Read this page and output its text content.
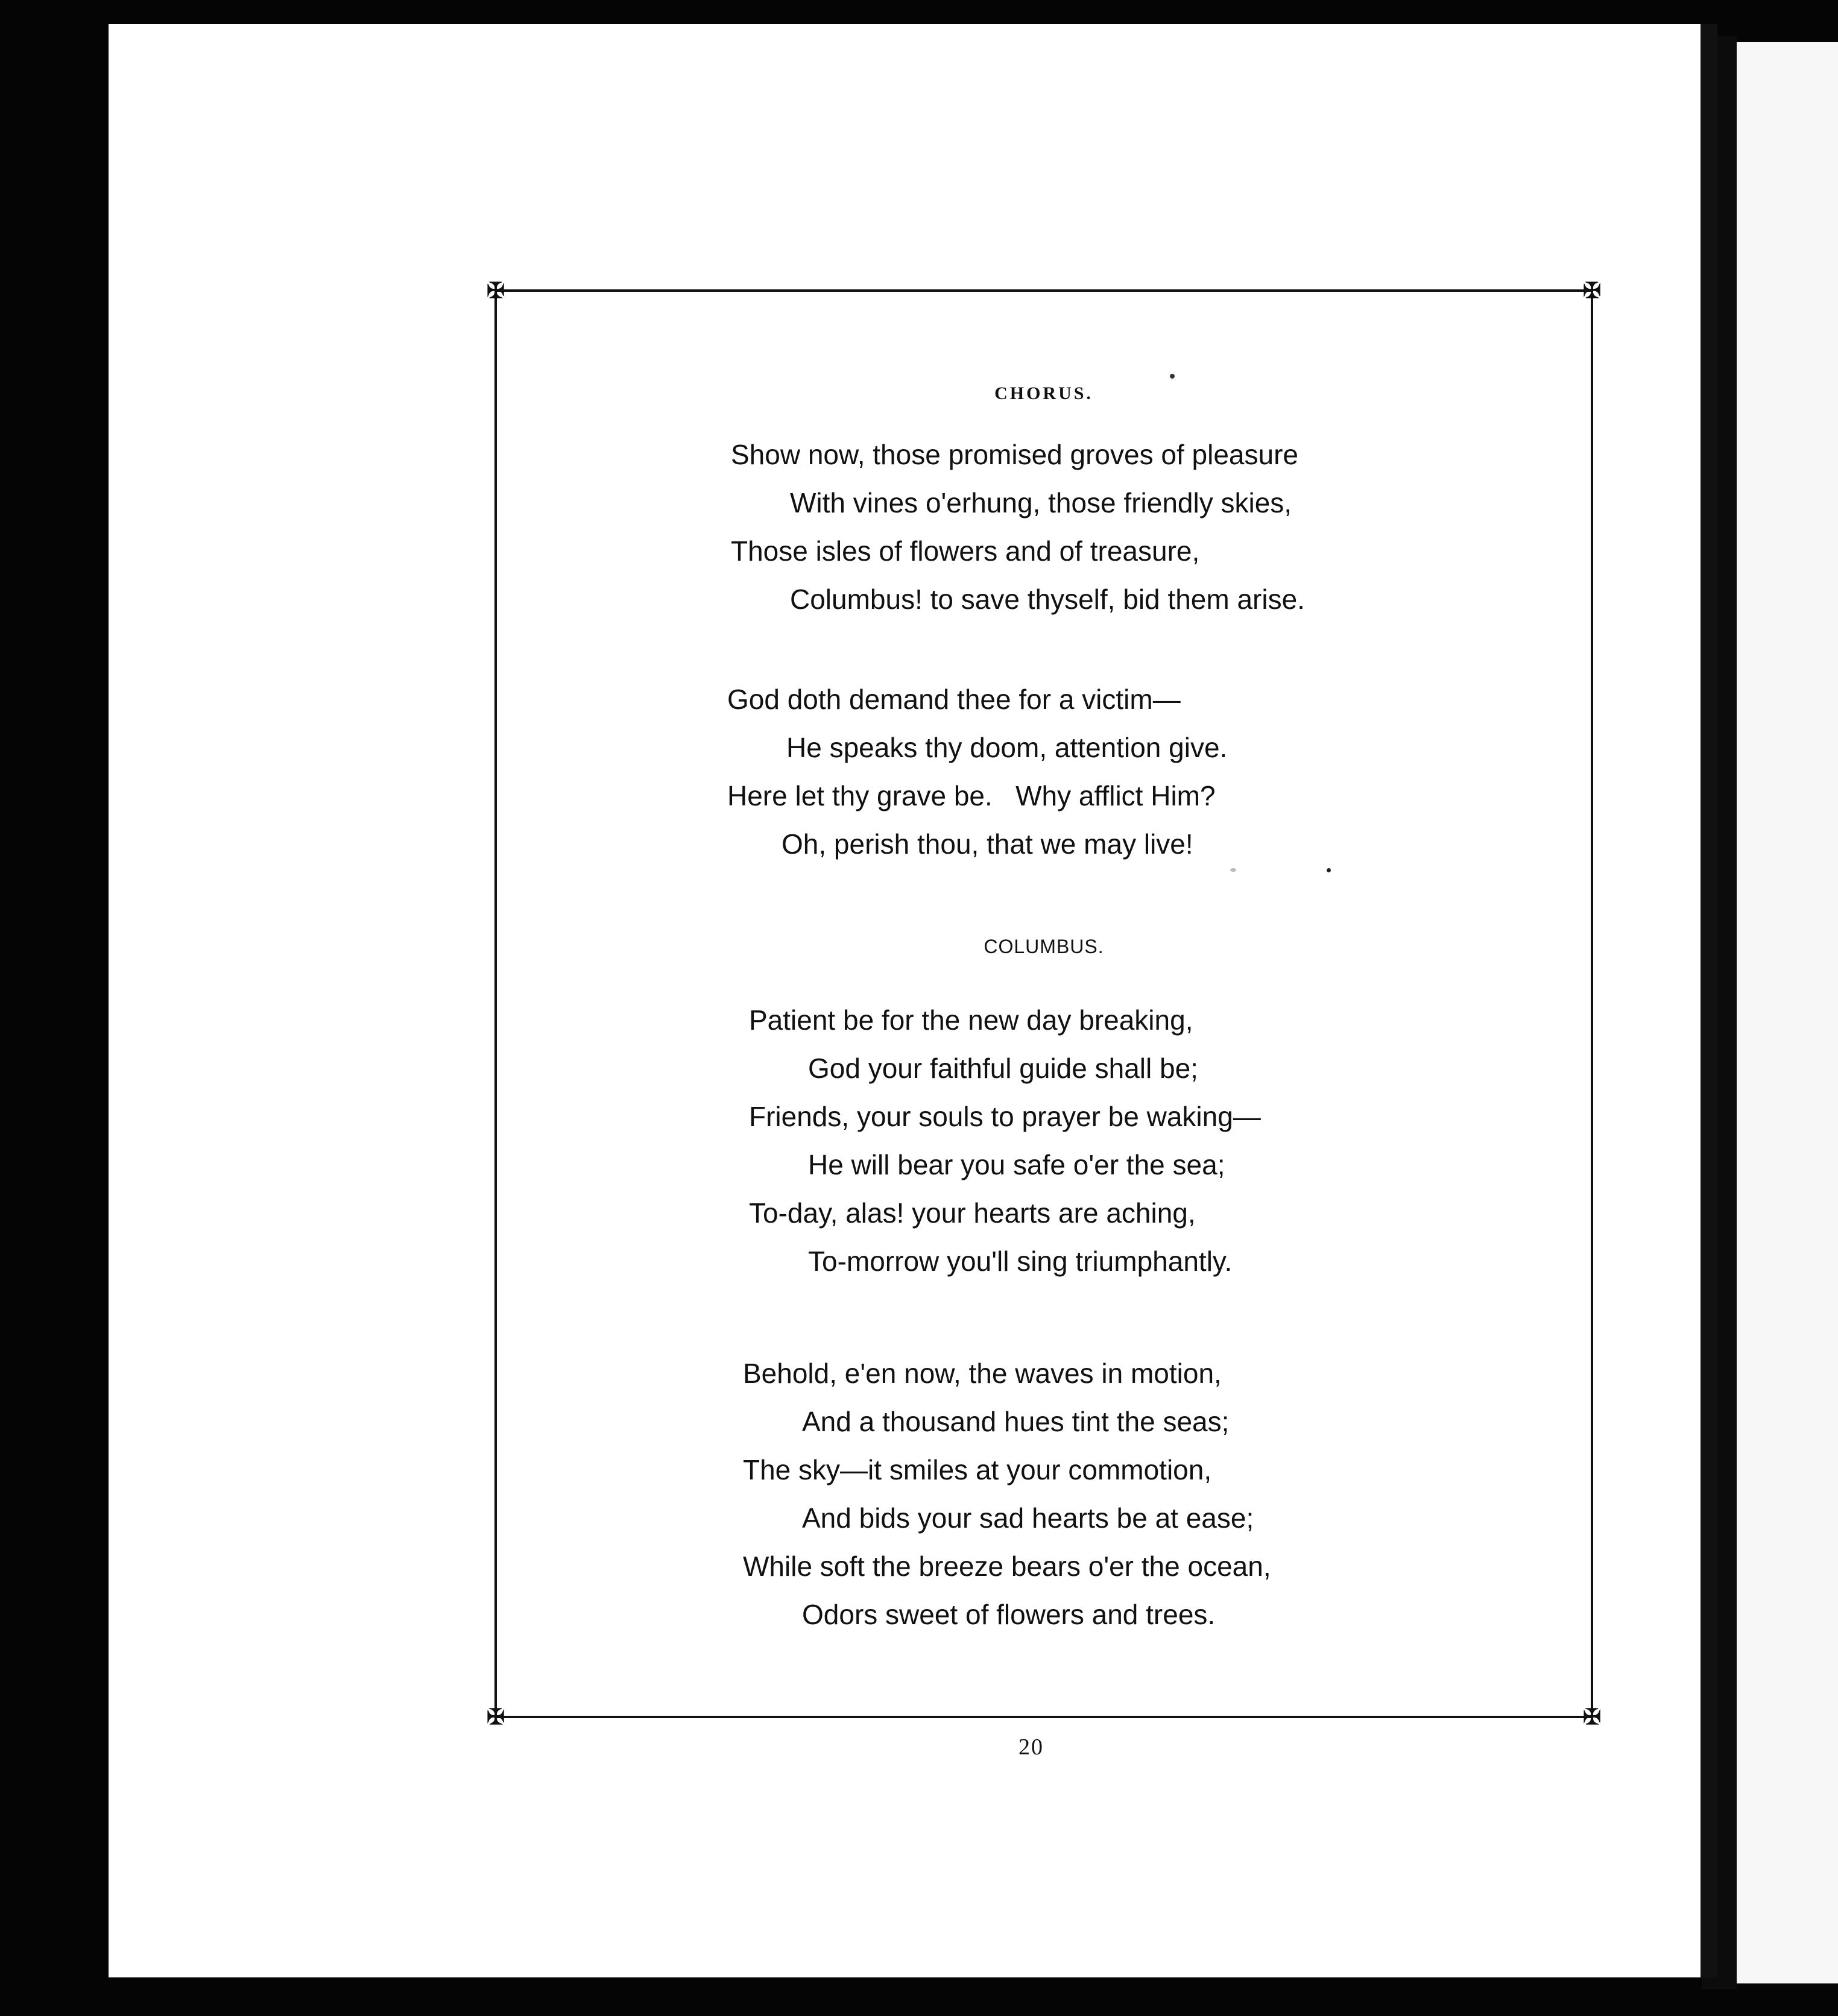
✠	✠
✠	✠
CHORUS.
Show now, those promised groves of pleasure
With vines o'erhung, those friendly skies,
Those isles of flowers and of treasure,
Columbus! to save thyself, bid them arise.
God doth demand thee for a victim—
He speaks thy doom, attention give.
Here let thy grave be.   Why afflict Him?
Oh, perish thou, that we may live!
COLUMBUS.
Patient be for the new day breaking,
God your faithful guide shall be;
Friends, your souls to prayer be waking—
He will bear you safe o'er the sea;
To-day, alas! your hearts are aching,
To-morrow you'll sing triumphantly.
Behold, e'en now, the waves in motion,
And a thousand hues tint the seas;
The sky—it smiles at your commotion,
And bids your sad hearts be at ease;
While soft the breeze bears o'er the ocean,
Odors sweet of flowers and trees.
20
